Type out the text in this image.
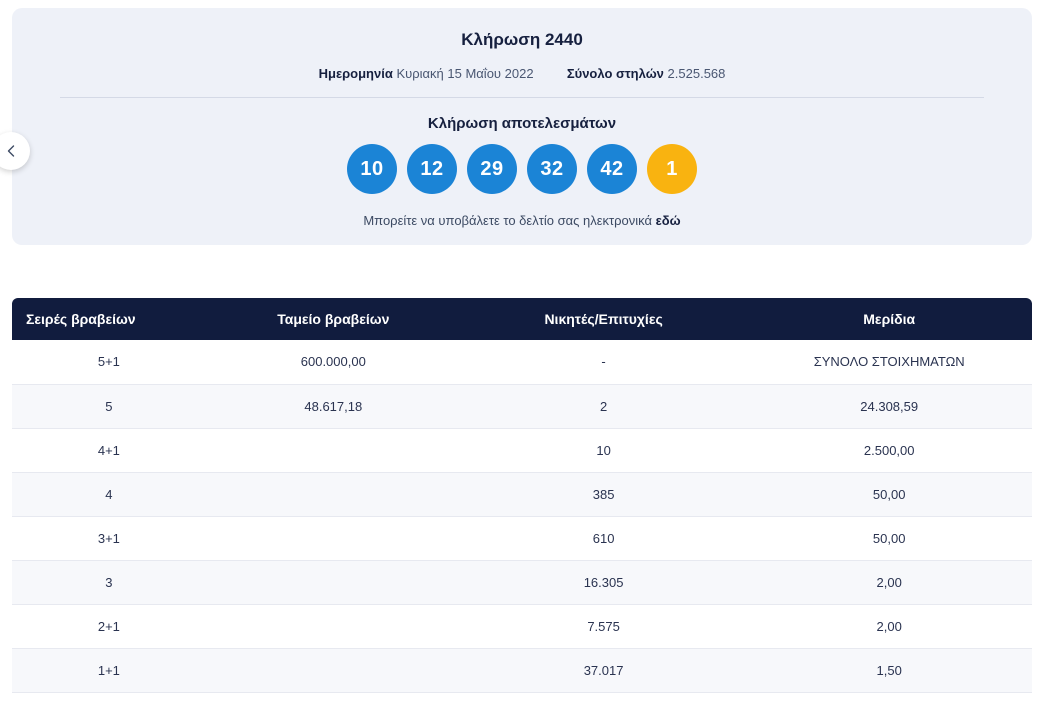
Κλήρωση 2440
Ημερομηνία Κυριακή 15 Μαΐου 2022	Σύνολο στηλών 2.525.568
Κλήρωση αποτελεσμάτων
10	12	29	32	42	1
Μπορείτε να υποβάλετε το δελτίο σας ηλεκτρονικά εδώ
Σειρές βραβείων	Ταμείο βραβείων	Νικητές/Επιτυχίες	Μερίδια
5+1	600.000,00	-	ΣΥΝΟΛΟ ΣΤΟΙΧΗΜΑΤΩΝ
5	48.617,18	2	24.308,59
4+1		10	2.500,00
4		385	50,00
3+1		610	50,00
3		16.305	2,00
2+1		7.575	2,00
1+1		37.017	1,50
